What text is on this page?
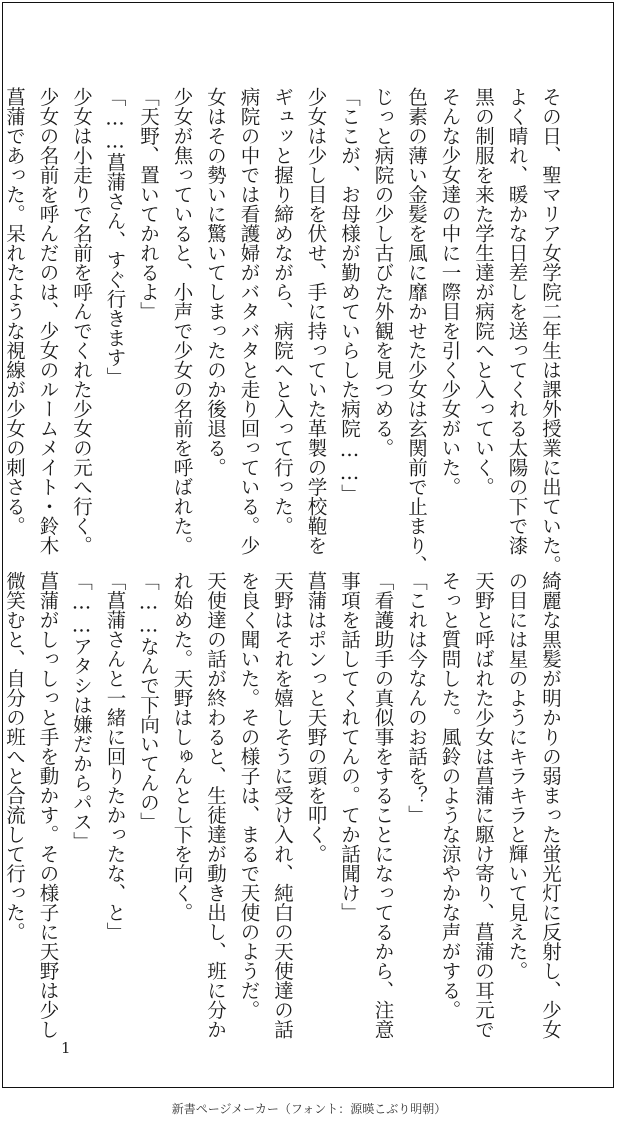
その日、聖マリア女学院二年生は課外授業に出ていた。
よく晴れ、暖かな日差しを送ってくれる太陽の下で漆
黒の制服を来た学生達が病院へと入っていく。
そんな少女達の中に一際目を引く少女がいた。
色素の薄い金髪を風に靡かせた少女は玄関前で止まり、
じっと病院の少し古びた外観を見つめる。
「ここが、お母様が勤めていらした病院……」
少女は少し目を伏せ、手に持っていた革製の学校鞄を
ギュッと握り締めながら、病院へと入って行った。
病院の中では看護婦がバタバタと走り回っている。少
女はその勢いに驚いてしまったのか後退る。
少女が焦っていると、小声で少女の名前を呼ばれた。
「天野、置いてかれるよ」
「……菖蒲さん、すぐ行きます」
少女は小走りで名前を呼んでくれた少女の元へ行く。
少女の名前を呼んだのは、少女のルームメイト・鈴木
菖蒲であった。呆れたような視線が少女の刺さる。
綺麗な黒髪が明かりの弱まった蛍光灯に反射し、少女
の目には星のようにキラキラと輝いて見えた。
天野と呼ばれた少女は菖蒲に駆け寄り、菖蒲の耳元で
そっと質問した。風鈴のような涼やかな声がする。
「これは今なんのお話を？」
「看護助手の真似事をすることになってるから、注意
事項を話してくれてんの。てか話聞け」
菖蒲はポンっと天野の頭を叩く。
天野はそれを嬉しそうに受け入れ、純白の天使達の話
を良く聞いた。その様子は、まるで天使のようだ。
天使達の話が終わると、生徒達が動き出し、班に分か
れ始めた。天野はしゅんとし下を向く。
「……なんで下向いてんの」
「菖蒲さんと一緒に回りたかったな、と」
「……アタシは嫌だからパス」
菖蒲がしっしっと手を動かす。その様子に天野は少し
微笑むと、自分の班へと合流して行った。
1
新書ページメーカー（フォント：源暎こぶり明朝）
